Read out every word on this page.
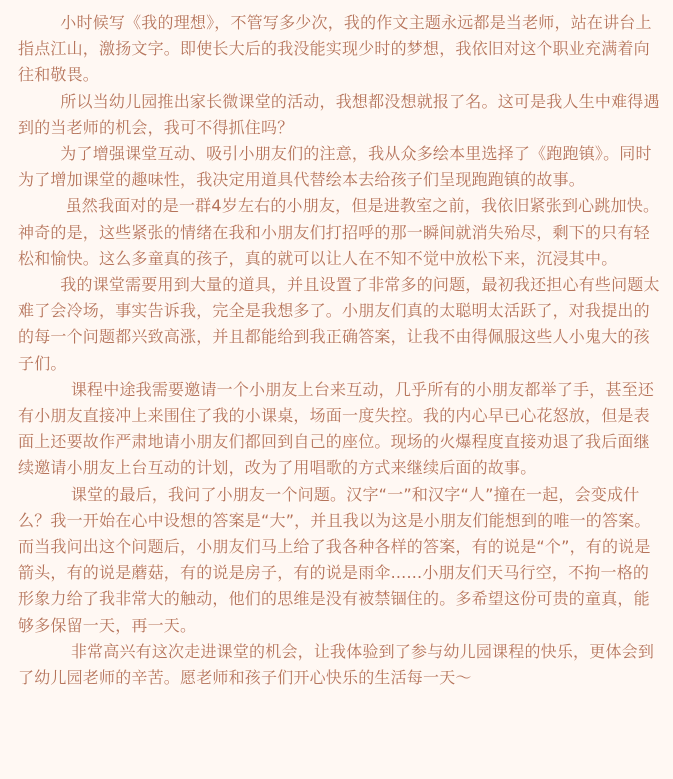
小时候写《我的理想》，不管写多少次，我的作文主题永远都是当老师，站在讲台上指点江山，激扬文字。即使长大后的我没能实现少时的梦想，我依旧对这个职业充满着向往和敬畏。

所以当幼儿园推出家长微课堂的活动，我想都没想就报了名。这可是我人生中难得遇到的当老师的机会，我可不得抓住吗？

为了增强课堂互动、吸引小朋友们的注意，我从众多绘本里选择了《跑跑镇》。同时为了增加课堂的趣味性，我决定用道具代替绘本去给孩子们呈现跑跑镇的故事。

虽然我面对的是一群4岁左右的小朋友，但是进教室之前，我依旧紧张到心跳加快。神奇的是，这些紧张的情绪在我和小朋友们打招呼的那一瞬间就消失殆尽，剩下的只有轻松和愉快。这么多童真的孩子，真的就可以让人在不知不觉中放松下来，沉浸其中。

我的课堂需要用到大量的道具，并且设置了非常多的问题，最初我还担心有些问题太难了会冷场，事实告诉我，完全是我想多了。小朋友们真的太聪明太活跃了，对我提出的的每一个问题都兴致高涨，并且都能给到我正确答案，让我不由得佩服这些人小鬼大的孩子们。

课程中途我需要邀请一个小朋友上台来互动，几乎所有的小朋友都举了手，甚至还有小朋友直接冲上来围住了我的小课桌，场面一度失控。我的内心早已心花怒放，但是表面上还要故作严肃地请小朋友们都回到自己的座位。现场的火爆程度直接劝退了我后面继续邀请小朋友上台互动的计划，改为了用唱歌的方式来继续后面的故事。

课堂的最后，我问了小朋友一个问题。汉字“一”和汉字“人”撞在一起，会变成什么？我一开始在心中设想的答案是“大”，并且我以为这是小朋友们能想到的唯一的答案。  而当我问出这个问题后，小朋友们马上给了我各种各样的答案，有的说是“个”，有的说是箭头，有的说是蘑菇，有的说是房子，有的说是雨伞......小朋友们天马行空，不拘一格的形象力给了我非常大的触动，他们的思维是没有被禁锢住的。多希望这份可贵的童真，能够多保留一天，再一天。

非常高兴有这次走进课堂的机会，让我体验到了参与幼儿园课程的快乐，更体会到了幼儿园老师的辛苦。愿老师和孩子们开心快乐的生活每一天～
